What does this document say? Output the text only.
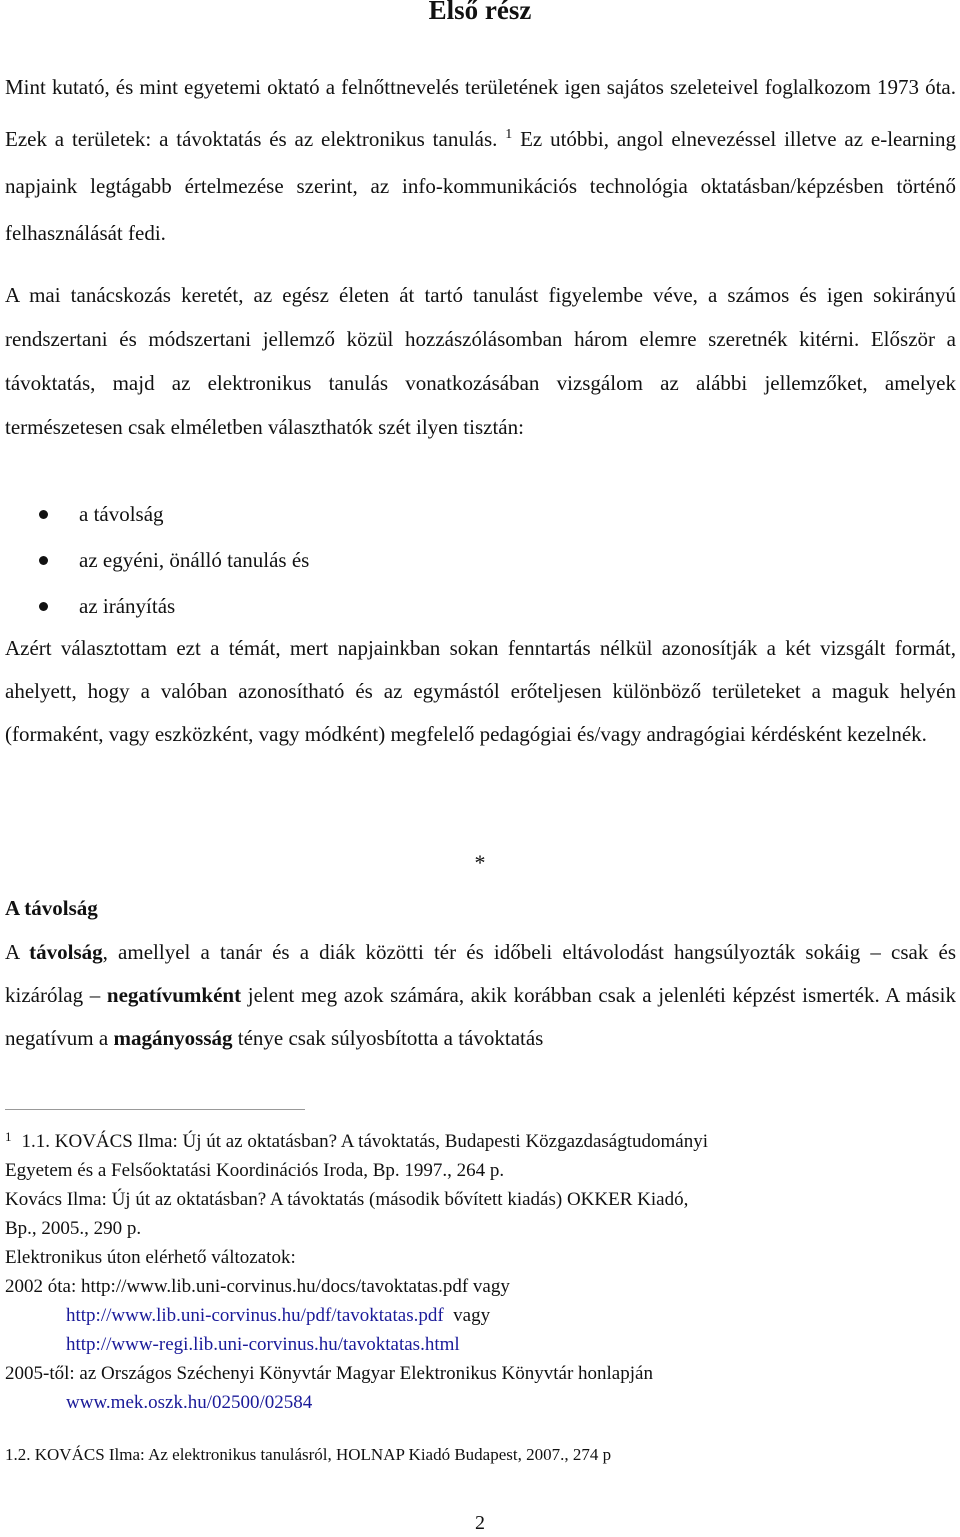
Első rész

Mint kutató, és mint egyetemi oktató a felnőttnevelés területének igen sajátos szeleteivel foglalkozom 1973 óta. Ezek a területek: a távoktatás és az elektronikus tanulás. $^1$ Ez utóbbi, angol elnevezéssel illetve az e-learning napjaink legtágabb értelmezése szerint, az info-kommunikációs technológia oktatásban/képzésben történő felhasználását fedi.

A mai tanácskozás keretét, az egész életen át tartó tanulást figyelembe véve, a számos és igen sokirányú rendszertani és módszertani jellemző közül hozzászólásomban három elemre szeretnék kitérni. Először a távoktatás, majd az elektronikus tanulás vonatkozásában vizsgálom az alábbi jellemzőket, amelyek természetesen csak elméletben választhatók szét ilyen tisztán:

a távolság
az egyéni, önálló tanulás és
az irányítás

Azért választottam ezt a témát, mert napjainkban sokan fenntartás nélkül azonosítják a két vizsgált formát, ahelyett, hogy a valóban azonosítható és az egymástól erőteljesen különböző területeket a maguk helyén (formaként, vagy eszközként, vagy módként) megfelelő pedagógiai és/vagy andragógiai kérdésként kezelnék.

*
A távolság

A távolság, amellyel a tanár és a diák közötti tér és időbeli eltávolodást hangsúlyozták sokáig – csak és kizárólag – negatívumként jelent meg azok számára, akik korábban csak a jelenléti képzést ismerték. A másik negatívum a magányosság ténye csak súlyosbította a távoktatás

$^1$ 1.1. KOVÁCS Ilma: Új út az oktatásban? A távoktatás, Budapesti Közgazdaságtudományi
Egyetem és a Felsőoktatási Koordinációs Iroda, Bp. 1997., 264 p.
Kovács Ilma: Új út az oktatásban? A távoktatás (második bővített kiadás) OKKER Kiadó,
Bp., 2005., 290 p.
Elektronikus úton elérhető változatok:
2002 óta: http://www.lib.uni-corvinus.hu/docs/tavoktatas.pdf vagy
http://www.lib.uni-corvinus.hu/pdf/tavoktatas.pdf vagy
http://www-regi.lib.uni-corvinus.hu/tavoktatas.html
2005-től: az Országos Széchenyi Könyvtár Magyar Elektronikus Könyvtár honlapján
www.mek.oszk.hu/02500/02584
1.2. KOVÁCS Ilma: Az elektronikus tanulásról, HOLNAP Kiadó Budapest, 2007., 274 p
2
